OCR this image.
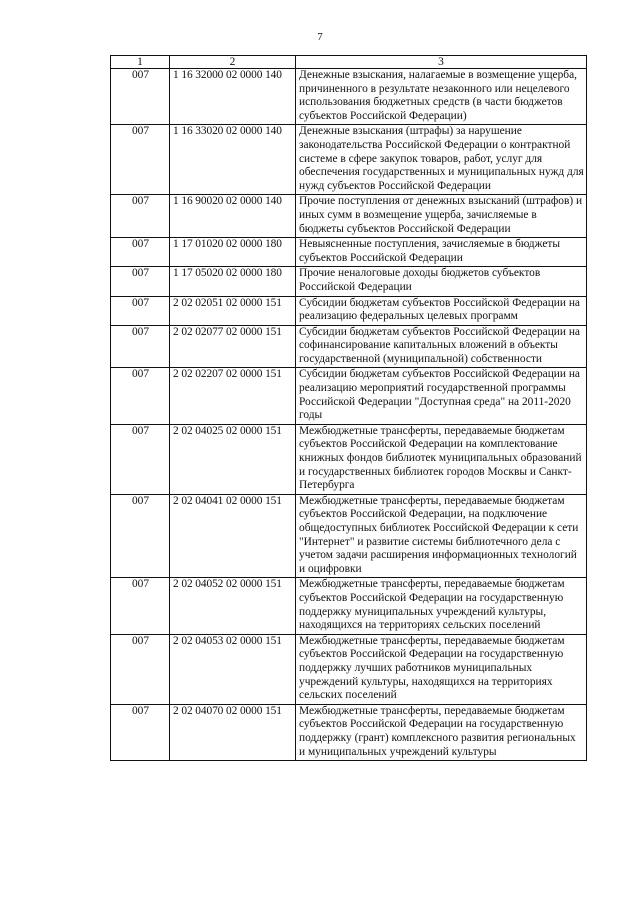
7
1	2	3
007	1 16 32000 02 0000 140	Денежные взыскания, налагаемые в возмещение ущерба, причиненного в результате незаконного или нецелевого использования бюджетных средств (в части бюджетов субъектов Российской Федерации)
007	1 16 33020 02 0000 140	Денежные взыскания (штрафы) за нарушение законодательства Российской Федерации о контрактной системе в сфере закупок товаров, работ, услуг для обеспечения государственных и муниципальных нужд для нужд субъектов Российской Федерации
007	1 16 90020 02 0000 140	Прочие поступления от денежных взысканий (штрафов) и иных сумм в возмещение ущерба, зачисляемые в бюджеты субъектов Российской Федерации
007	1 17 01020 02 0000 180	Невыясненные поступления, зачисляемые в бюджеты субъектов Российской Федерации
007	1 17 05020 02 0000 180	Прочие неналоговые доходы бюджетов субъектов Российской Федерации
007	2 02 02051 02 0000 151	Субсидии бюджетам субъектов Российской Федерации на реализацию федеральных целевых программ
007	2 02 02077 02 0000 151	Субсидии бюджетам субъектов Российской Федерации на софинансирование капитальных вложений в объекты государственной (муниципальной) собственности
007	2 02 02207 02 0000 151	Субсидии бюджетам субъектов Российской Федерации на реализацию мероприятий государственной программы Российской Федерации "Доступная среда" на 2011-2020 годы
007	2 02 04025 02 0000 151	Межбюджетные трансферты, передаваемые бюджетам субъектов Российской Федерации на комплектование книжных фондов библиотек муниципальных образований и государственных библиотек городов Москвы и Санкт-Петербурга
007	2 02 04041 02 0000 151	Межбюджетные трансферты, передаваемые бюджетам субъектов Российской Федерации, на подключение общедоступных библиотек Российской Федерации к сети "Интернет" и развитие системы библиотечного дела с учетом задачи расширения информационных технологий и оцифровки
007	2 02 04052 02 0000 151	Межбюджетные трансферты, передаваемые бюджетам субъектов Российской Федерации на государственную поддержку муниципальных учреждений культуры, находящихся на территориях сельских поселений
007	2 02 04053 02 0000 151	Межбюджетные трансферты, передаваемые бюджетам субъектов Российской Федерации на государственную поддержку лучших работников муниципальных учреждений культуры, находящихся на территориях сельских поселений
007	2 02 04070 02 0000 151	Межбюджетные трансферты, передаваемые бюджетам субъектов Российской Федерации на государственную поддержку (грант) комплексного развития региональных и муниципальных учреждений культуры
